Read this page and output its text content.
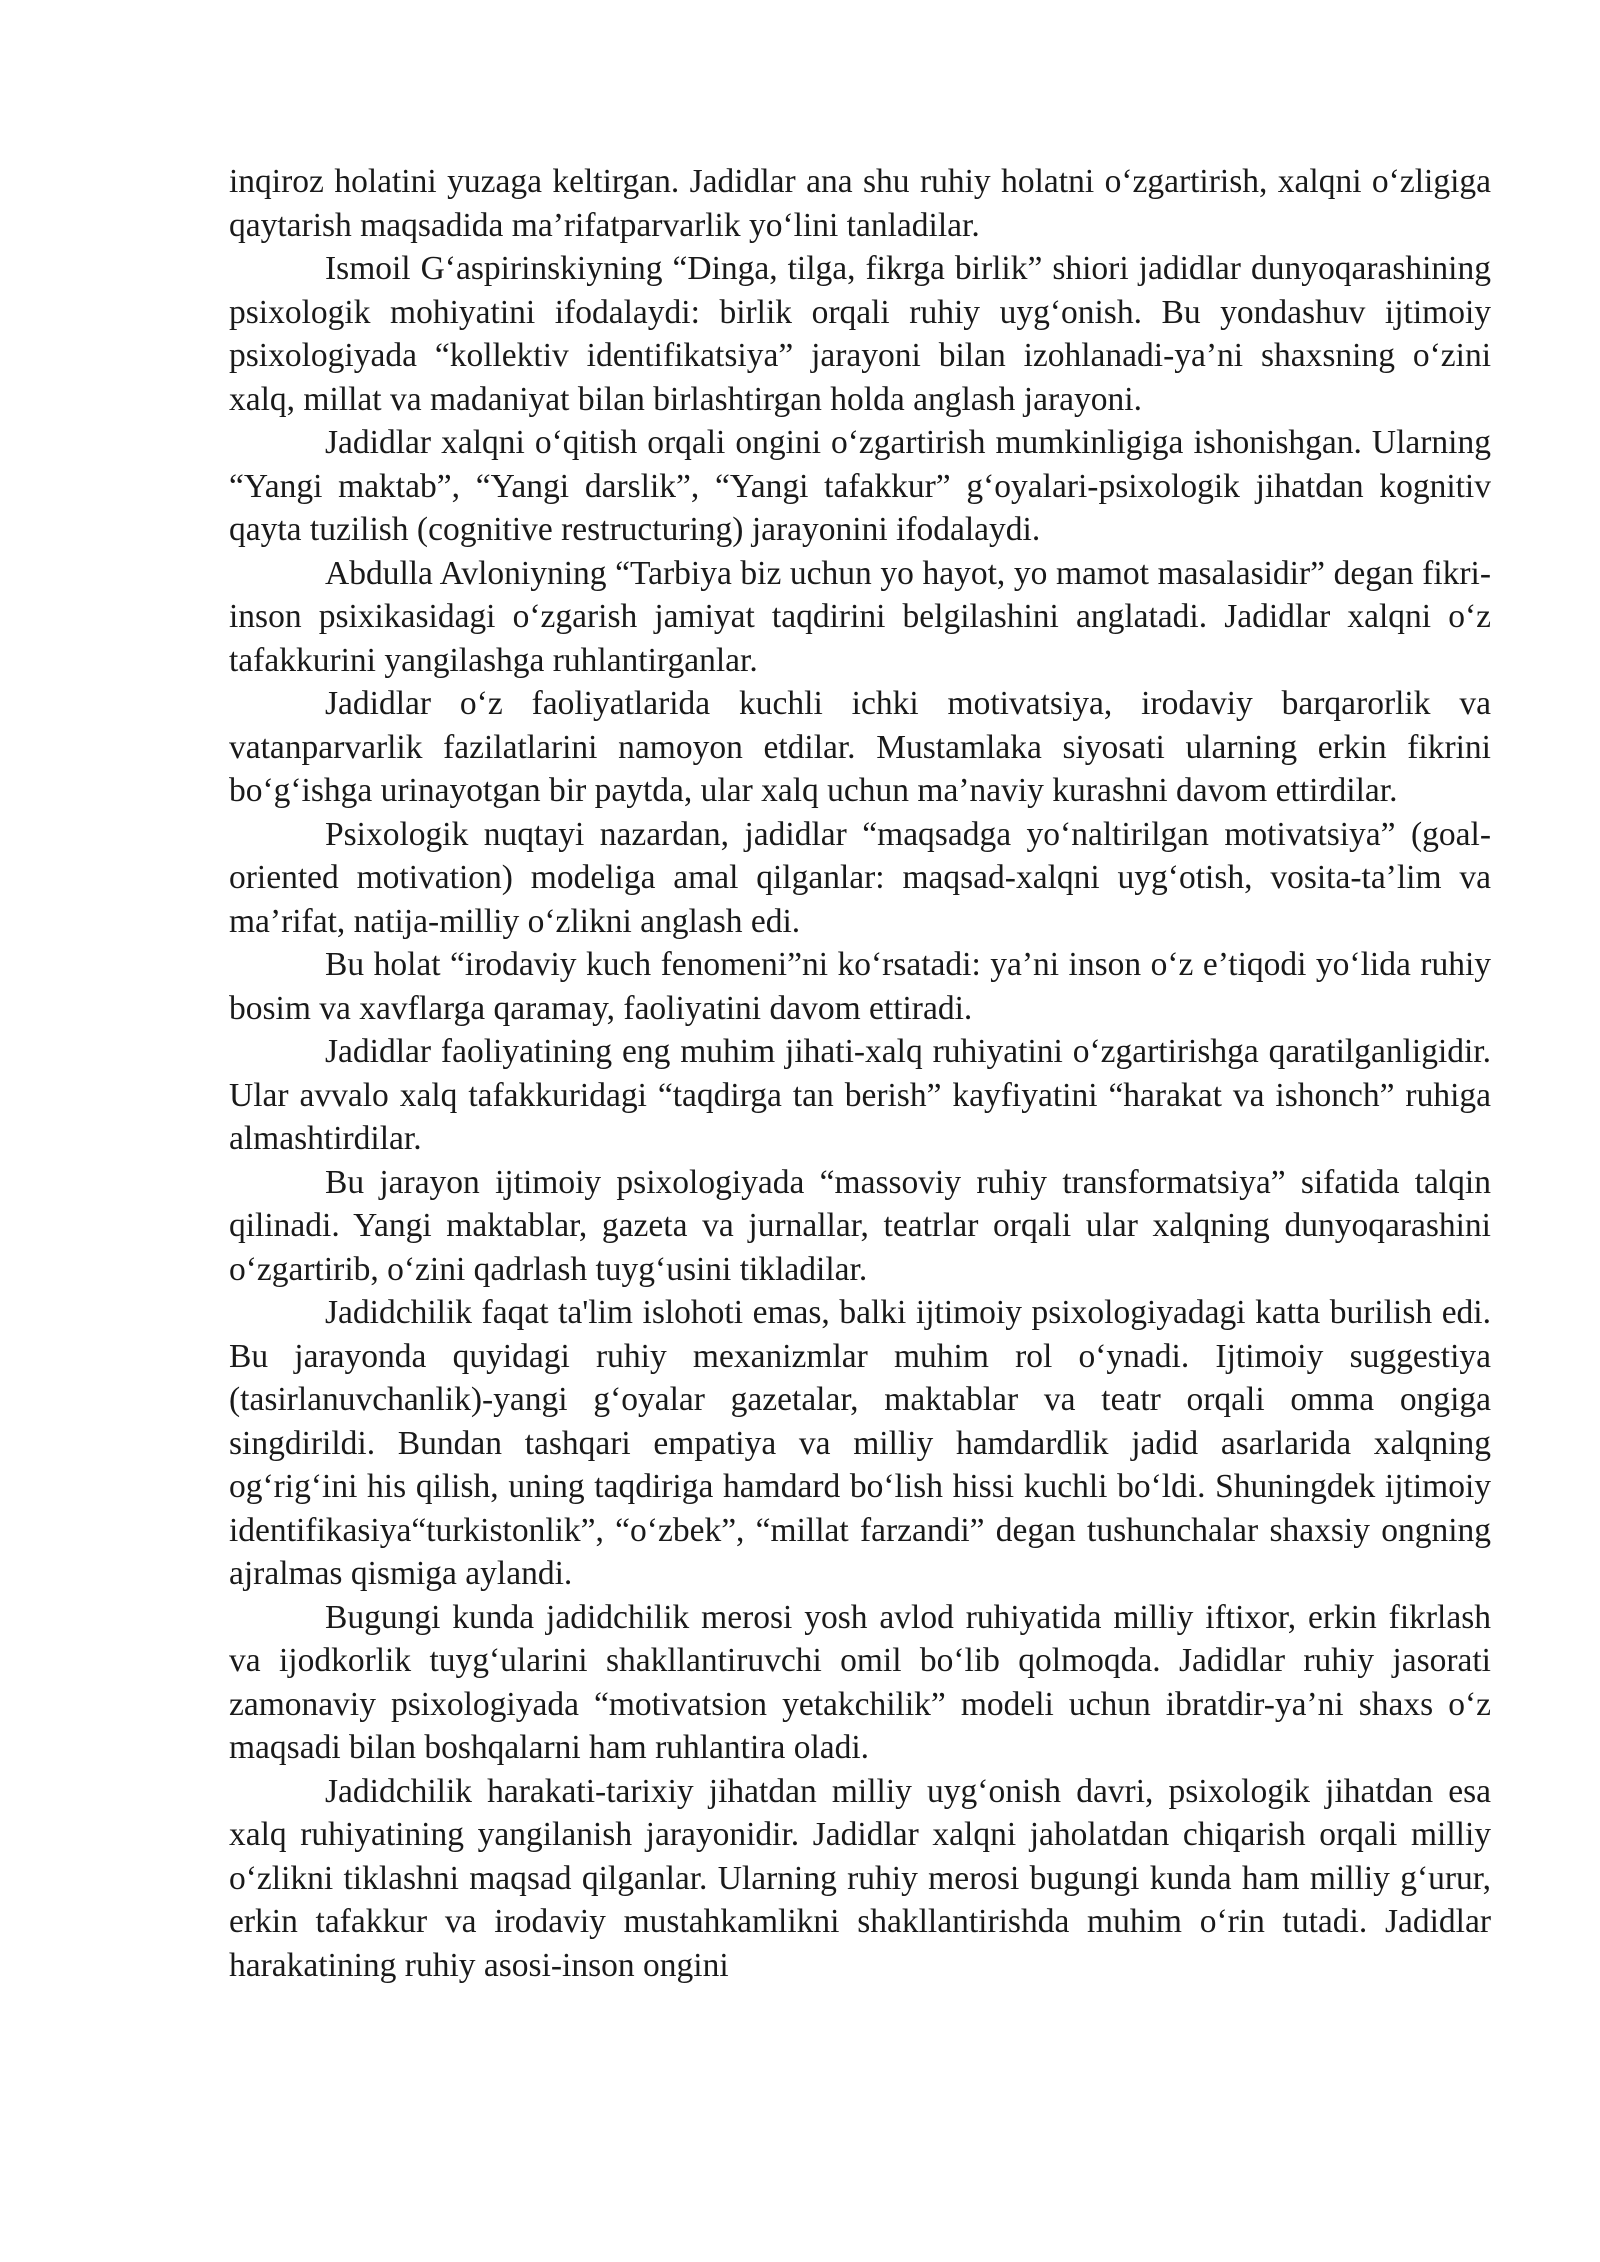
inqiroz holatini yuzaga keltirgan. Jadidlar ana shu ruhiy holatni o‘zgartirish, xalqni o‘zligiga qaytarish maqsadida ma’rifatparvarlik yo‘lini tanladilar.

Ismoil G‘aspirinskiyning “Dinga, tilga, fikrga birlik” shiori jadidlar dunyoqarashining psixologik mohiyatini ifodalaydi: birlik orqali ruhiy uyg‘onish. Bu yondashuv ijtimoiy psixologiyada “kollektiv identifikatsiya” jarayoni bilan izohlanadi-ya’ni shaxsning o‘zini xalq, millat va madaniyat bilan birlashtirgan holda anglash jarayoni.

Jadidlar xalqni o‘qitish orqali ongini o‘zgartirish mumkinligiga ishonishgan. Ularning “Yangi maktab”, “Yangi darslik”, “Yangi tafakkur” g‘oyalari-psixologik jihatdan kognitiv qayta tuzilish (cognitive restructuring) jarayonini ifodalaydi.

Abdulla Avloniyning “Tarbiya biz uchun yo hayot, yo mamot masalasidir” degan fikri-inson psixikasidagi o‘zgarish jamiyat taqdirini belgilashini anglatadi. Jadidlar xalqni o‘z tafakkurini yangilashga ruhlantirganlar.

Jadidlar o‘z faoliyatlarida kuchli ichki motivatsiya, irodaviy barqarorlik va vatanparvarlik fazilatlarini namoyon etdilar. Mustamlaka siyosati ularning erkin fikrini bo‘g‘ishga urinayotgan bir paytda, ular xalq uchun ma’naviy kurashni davom ettirdilar.

Psixologik nuqtayi nazardan, jadidlar “maqsadga yo‘naltirilgan motivatsiya” (goal-oriented motivation) modeliga amal qilganlar: maqsad-xalqni uyg‘otish, vosita-ta’lim va ma’rifat, natija-milliy o‘zlikni anglash edi.

Bu holat “irodaviy kuch fenomeni”ni ko‘rsatadi: ya’ni inson o‘z e’tiqodi yo‘lida ruhiy bosim va xavflarga qaramay, faoliyatini davom ettiradi.

Jadidlar faoliyatining eng muhim jihati-xalq ruhiyatini o‘zgartirishga qaratilganligidir. Ular avvalo xalq tafakkuridagi “taqdirga tan berish” kayfiyatini “harakat va ishonch” ruhiga almashtirdilar.

Bu jarayon ijtimoiy psixologiyada “massoviy ruhiy transformatsiya” sifatida talqin qilinadi. Yangi maktablar, gazeta va jurnallar, teatrlar orqali ular xalqning dunyoqarashini o‘zgartirib, o‘zini qadrlash tuyg‘usini tikladilar.

Jadidchilik faqat ta'lim islohoti emas, balki ijtimoiy psixologiyadagi katta burilish edi. Bu jarayonda quyidagi ruhiy mexanizmlar muhim rol o‘ynadi. Ijtimoiy suggestiya (tasirlanuvchanlik)-yangi g‘oyalar gazetalar, maktablar va teatr orqali omma ongiga singdirildi. Bundan tashqari empatiya va milliy hamdardlik jadid asarlarida xalqning og‘rig‘ini his qilish, uning taqdiriga hamdard bo‘lish hissi kuchli bo‘ldi. Shuningdek ijtimoiy identifikasiya“turkistonlik”, “o‘zbek”, “millat farzandi” degan tushunchalar shaxsiy ongning ajralmas qismiga aylandi.

Bugungi kunda jadidchilik merosi yosh avlod ruhiyatida milliy iftixor, erkin fikrlash va ijodkorlik tuyg‘ularini shakllantiruvchi omil bo‘lib qolmoqda. Jadidlar ruhiy jasorati zamonaviy psixologiyada “motivatsion yetakchilik” modeli uchun ibratdir-ya’ni shaxs o‘z maqsadi bilan boshqalarni ham ruhlantira oladi.

Jadidchilik harakati-tarixiy jihatdan milliy uyg‘onish davri, psixologik jihatdan esa xalq ruhiyatining yangilanish jarayonidir. Jadidlar xalqni jaholatdan chiqarish orqali milliy o‘zlikni tiklashni maqsad qilganlar. Ularning ruhiy merosi bugungi kunda ham milliy g‘urur, erkin tafakkur va irodaviy mustahkamlikni shakllantirishda muhim o‘rin tutadi. Jadidlar harakatining ruhiy asosi-inson ongini
